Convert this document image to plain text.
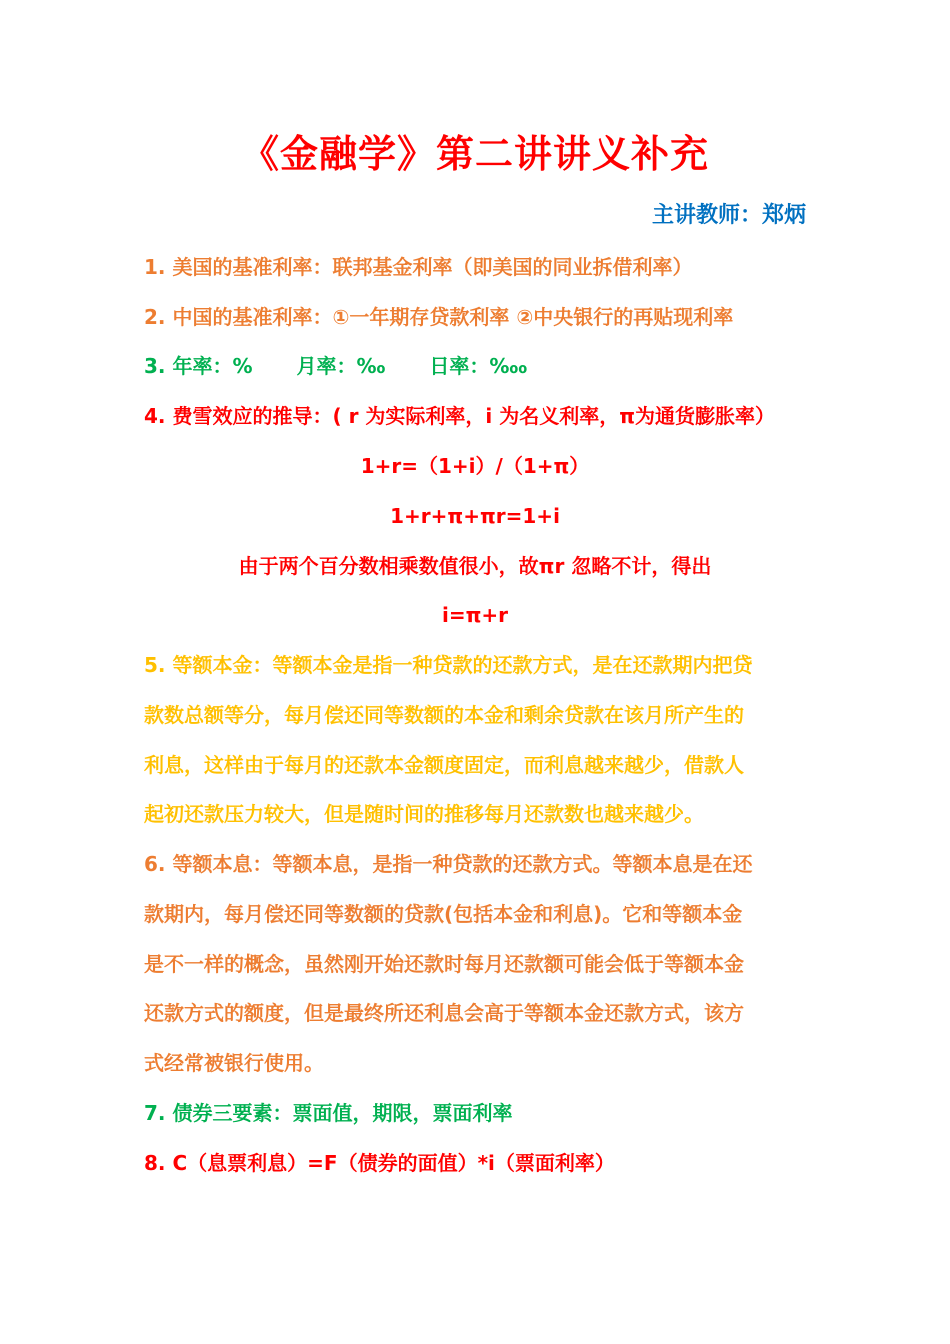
《金融学》第二讲讲义补充
主讲教师：郑炳
1. 美国的基准利率：联邦基金利率（即美国的同业拆借利率）
2. 中国的基准利率：①一年期存贷款利率 ②中央银行的再贴现利率
3. 年率：% 月率：‰ 日率：‱
4. 费雪效应的推导：( r 为实际利率，i 为名义利率，π为通货膨胀率）
1+r=（1+i）/（1+π）
1+r+π+πr=1+i
由于两个百分数相乘数值很小，故πr 忽略不计，得出
i=π+r
5. 等额本金：等额本金是指一种贷款的还款方式，是在还款期内把贷
款数总额等分，每月偿还同等数额的本金和剩余贷款在该月所产生的
利息，这样由于每月的还款本金额度固定，而利息越来越少，借款人
起初还款压力较大，但是随时间的推移每月还款数也越来越少。
6. 等额本息：等额本息，是指一种贷款的还款方式。等额本息是在还
款期内，每月偿还同等数额的贷款(包括本金和利息)。它和等额本金
是不一样的概念，虽然刚开始还款时每月还款额可能会低于等额本金
还款方式的额度，但是最终所还利息会高于等额本金还款方式，该方
式经常被银行使用。
7. 债券三要素：票面值，期限，票面利率
8. C（息票利息）=F（债券的面值）*i（票面利率）
